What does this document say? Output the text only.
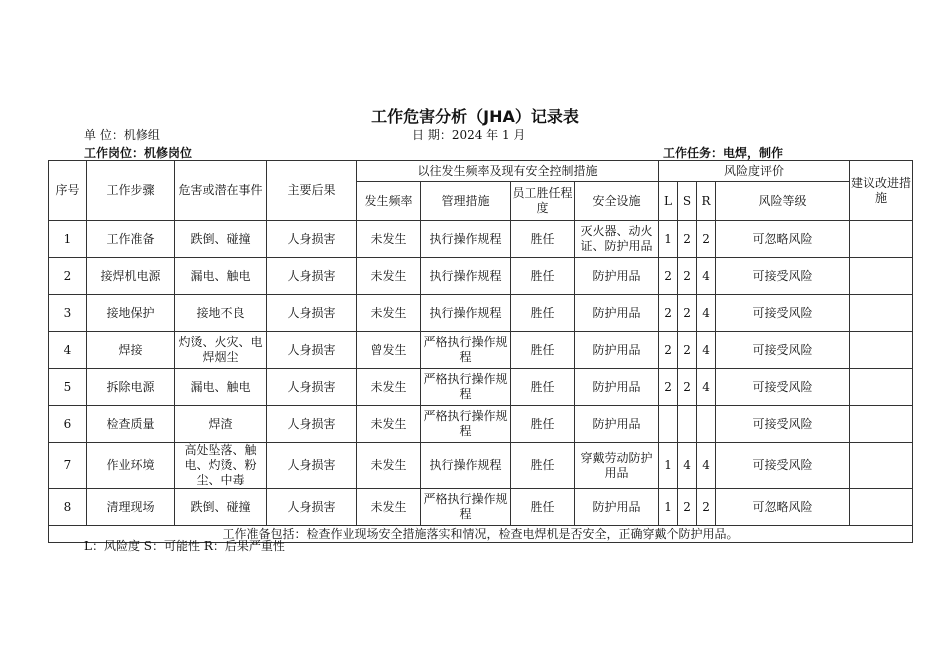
工作危害分析（JHA）记录表
单 位：机修组	日 期：2024 年 1 月
工作岗位：机修岗位	工作任务：电焊，制作
序号	工作步骤	危害或潜在事件	主要后果	以往发生频率及现有安全控制措施				风险度评价				建议改进措施
				发生频率	管理措施	员工胜任程度	安全设施	L	S	R	风险等级	
1	工作准备	跌倒、碰撞	人身损害	未发生	执行操作规程	胜任	灭火器、动火证、防护用品	1	2	2	可忽略风险	
2	接焊机电源	漏电、触电	人身损害	未发生	执行操作规程	胜任	防护用品	2	2	4	可接受风险	
3	接地保护	接地不良	人身损害	未发生	执行操作规程	胜任	防护用品	2	2	4	可接受风险	
4	焊接	灼烫、火灾、电焊烟尘	人身损害	曾发生	严格执行操作规程	胜任	防护用品	2	2	4	可接受风险	
5	拆除电源	漏电、触电	人身损害	未发生	严格执行操作规程	胜任	防护用品	2	2	4	可接受风险	
6	检查质量	焊渣	人身损害	未发生	严格执行操作规程	胜任	防护用品				可接受风险	
7	作业环境	高处坠落、触电、灼烫、粉尘、中毒	人身损害	未发生	执行操作规程	胜任	穿戴劳动防护用品	1	4	4	可接受风险	
8	清理现场	跌倒、碰撞	人身损害	未发生	严格执行操作规程	胜任	防护用品	1	2	2	可忽略风险	
工作准备包括：检查作业现场安全措施落实和情况，检查电焊机是否安全，正确穿戴个防护用品。												
L：风险度 S：可能性 R：后果严重性
